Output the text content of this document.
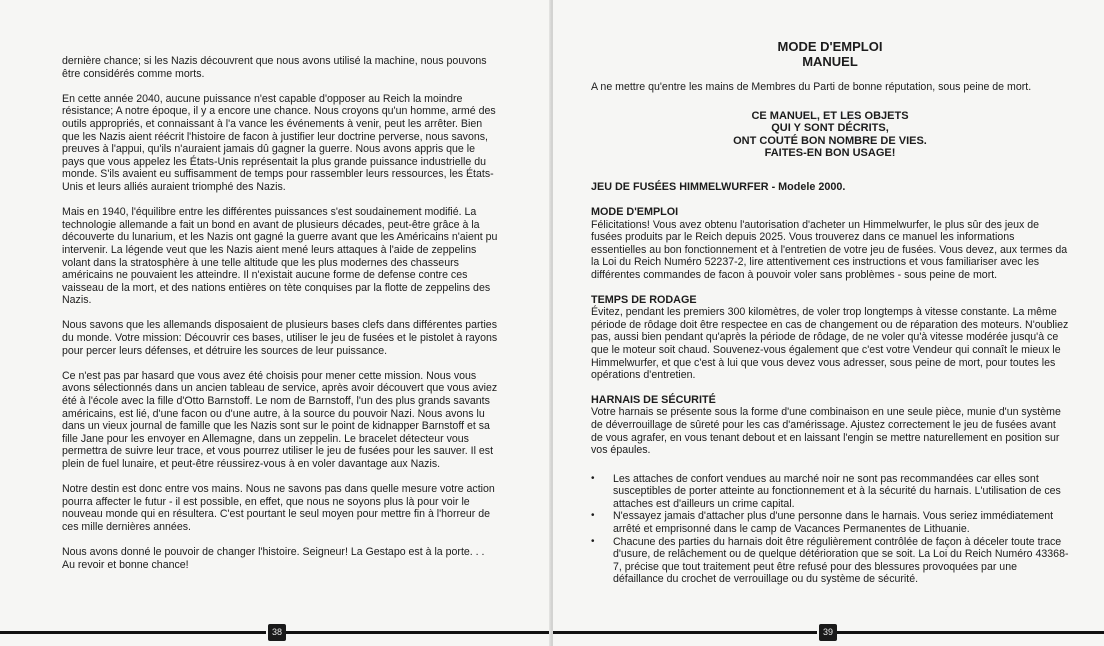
dernière chance; si les Nazis découvrent que nous avons utilisé la machine, nous pouvons être considérés comme morts.

En cette année 2040, aucune puissance n'est capable d'opposer au Reich la moindre résistance; A notre époque, il y a encore une chance. Nous croyons qu'un homme, armé des outils appropriés, et connaissant à l'a vance les événements à venir, peut les arrêter. Bien que les Nazis aient réécrit l'histoire de facon à justifier leur doctrine perverse, nous savons, preuves à l'appui, qu'ils n'auraient jamais dû gagner la guerre. Nous avons appris que le pays que vous appelez les États-Unis représentait la plus grande puissance industrielle du monde. S'ils avaient eu suffisamment de temps pour rassembler leurs ressources, les États-Unis et leurs alliés auraient triomphé des Nazis.

Mais en 1940, l'équilibre entre les différentes puissances s'est soudainement modifié. La technologie allemande a fait un bond en avant de plusieurs décades, peut-être grâce à la découverte du lunarium, et les Nazis ont gagné la guerre avant que les Américains n'aient pu intervenir. La légende veut que les Nazis aient mené leurs attaques à l'aide de zeppelins volant dans la stratosphère à une telle altitude que les plus modernes des chasseurs américains ne pouvaient les atteindre. Il n'existait aucune forme de defense contre ces vaisseau de la mort, et des nations entières on tète conquises par la flotte de zeppelins des Nazis.

Nous savons que les allemands disposaient de plusieurs bases clefs dans différentes parties du monde. Votre mission: Découvrir ces bases, utiliser le jeu de fusées et le pistolet à rayons pour percer leurs défenses, et détruire les sources de leur puissance.

Ce n'est pas par hasard que vous avez été choisis pour mener cette mission. Nous vous avons sélectionnés dans un ancien tableau de service, après avoir découvert que vous aviez été à l'école avec la fille d'Otto Barnstoff. Le nom de Barnstoff, l'un des plus grands savants américains, est lié, d'une facon ou d'une autre, à la source du pouvoir Nazi. Nous avons lu dans un vieux journal de famille que les Nazis sont sur le point de kidnapper Barnstoff et sa fille Jane pour les envoyer en Allemagne, dans un zeppelin. Le bracelet détecteur vous permettra de suivre leur trace, et vous pourrez utiliser le jeu de fusées pour les sauver. Il est plein de fuel lunaire, et peut-être réussirez-vous à en voler davantage aux Nazis.

Notre destin est donc entre vos mains. Nous ne savons pas dans quelle mesure votre action pourra affecter le futur - il est possible, en effet, que nous ne soyons plus là pour voir le nouveau monde qui en résultera. C'est pourtant le seul moyen pour mettre fin à l'horreur de ces mille dernières années.

Nous avons donné le pouvoir de changer l'histoire. Seigneur! La Gestapo est à la porte. . . Au revoir et bonne chance!

38

MODE D'EMPLOI

MANUEL

A ne mettre qu'entre les mains de Membres du Parti de bonne réputation, sous peine de mort.

CE MANUEL, ET LES OBJETS

QUI Y SONT DÉCRITS,

ONT COUTÉ BON NOMBRE DE VIES.

FAITES-EN BON USAGE!

JEU DE FUSÉES HIMMELWURFER - Modele 2000.

MODE D'EMPLOI

Félicitations! Vous avez obtenu l'autorisation d'acheter un Himmelwurfer, le plus sûr des jeux de fusées produits par le Reich depuis 2025. Vous trouverez dans ce manuel les informations essentielles au bon fonctionnement et à l'entretien de votre jeu de fusées. Vous devez, aux termes da la Loi du Reich Numéro 52237-2, lire attentivement ces instructions et vous familiariser avec les différentes commandes de facon à pouvoir voler sans problèmes - sous peine de mort.

TEMPS DE RODAGE

Évitez, pendant les premiers 300 kilomètres, de voler trop longtemps à vitesse constante. La même période de rôdage doit être respectee en cas de changement ou de réparation des moteurs. N'oubliez pas, aussi bien pendant qu'après la période de rôdage, de ne voler qu'à vitesse modérée jusqu'à ce que le moteur soit chaud. Souvenez-vous également que c'est votre Vendeur qui connaît le mieux le Himmelwurfer, et que c'est à lui que vous devez vous adresser, sous peine de mort, pour toutes les opérations d'entretien.

HARNAIS DE SÉCURITÉ

Votre harnais se présente sous la forme d'une combinaison en une seule pièce, munie d'un système de déverrouillage de sûreté pour les cas d'amérissage. Ajustez correctement le jeu de fusées avant de vous agrafer, en vous tenant debout et en laissant l'engin se mettre naturellement en position sur vos épaules.

• Les attaches de confort vendues au marché noir ne sont pas recommandées car elles sont susceptibles de porter atteinte au fonctionnement et à la sécurité du harnais. L'utilisation de ces attaches est d'ailleurs un crime capital.
• N'essayez jamais d'attacher plus d'une personne dans le harnais. Vous seriez immédiatement arrêté et emprisonné dans le camp de Vacances Permanentes de Lithuanie.
• Chacune des parties du harnais doit être régulièrement contrôlée de façon à déceler toute trace d'usure, de relâchement ou de quelque détérioration que se soit. La Loi du Reich Numéro 43368-7, précise que tout traitement peut être refusé pour des blessures provoquées par une défaillance du crochet de verrouillage ou du système de sécurité.
39
